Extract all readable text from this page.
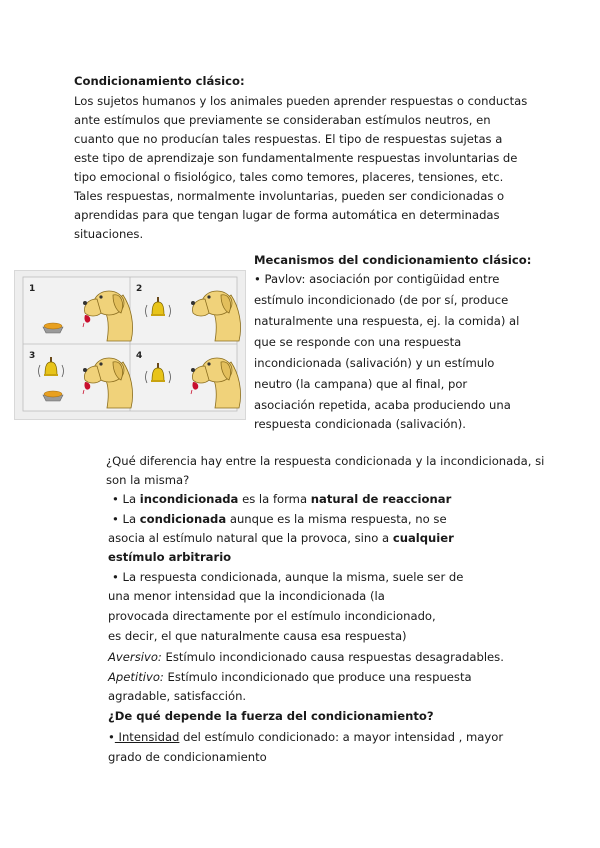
Condicionamiento clásico:
Los sujetos humanos y los animales pueden aprender respuestas o conductas
ante estímulos que previamente se consideraban estímulos neutros, en
cuanto que no producían tales respuestas. El tipo de respuestas sujetas a
este tipo de aprendizaje son fundamentalmente respuestas involuntarias de
tipo emocional o fisiológico, tales como temores, placeres, tensiones, etc.
Tales respuestas, normalmente involuntarias, pueden ser condicionadas o
aprendidas para que tengan lugar de forma automática en determinadas
situaciones.
Mecanismos del condicionamiento clásico:
• Pavlov: asociación por contigüidad entre
estímulo incondicionado (de por sí, produce
naturalmente una respuesta, ej. la comida) al
que se responde con una respuesta
incondicionada (salivación) y un estímulo
neutro (la campana) que al final, por
asociación repetida, acaba produciendo una
respuesta condicionada (salivación).
1	2
3	4
¿Qué diferencia hay entre la respuesta condicionada y la incondicionada, si
son la misma?
• La incondicionada es la forma natural de reaccionar
• La condicionada aunque es la misma respuesta, no se
asocia al estímulo natural que la provoca, sino a cualquier
estímulo arbitrario
• La respuesta condicionada, aunque la misma, suele ser de
una menor intensidad que la incondicionada (la
provocada directamente por el estímulo incondicionado,
es decir, el que naturalmente causa esa respuesta)
Aversivo: Estímulo incondicionado causa respuestas desagradables.
Apetitivo: Estímulo incondicionado que produce una respuesta
agradable, satisfacción.
¿De qué depende la fuerza del condicionamiento?
• Intensidad del estímulo condicionado: a mayor intensidad , mayor
grado de condicionamiento
